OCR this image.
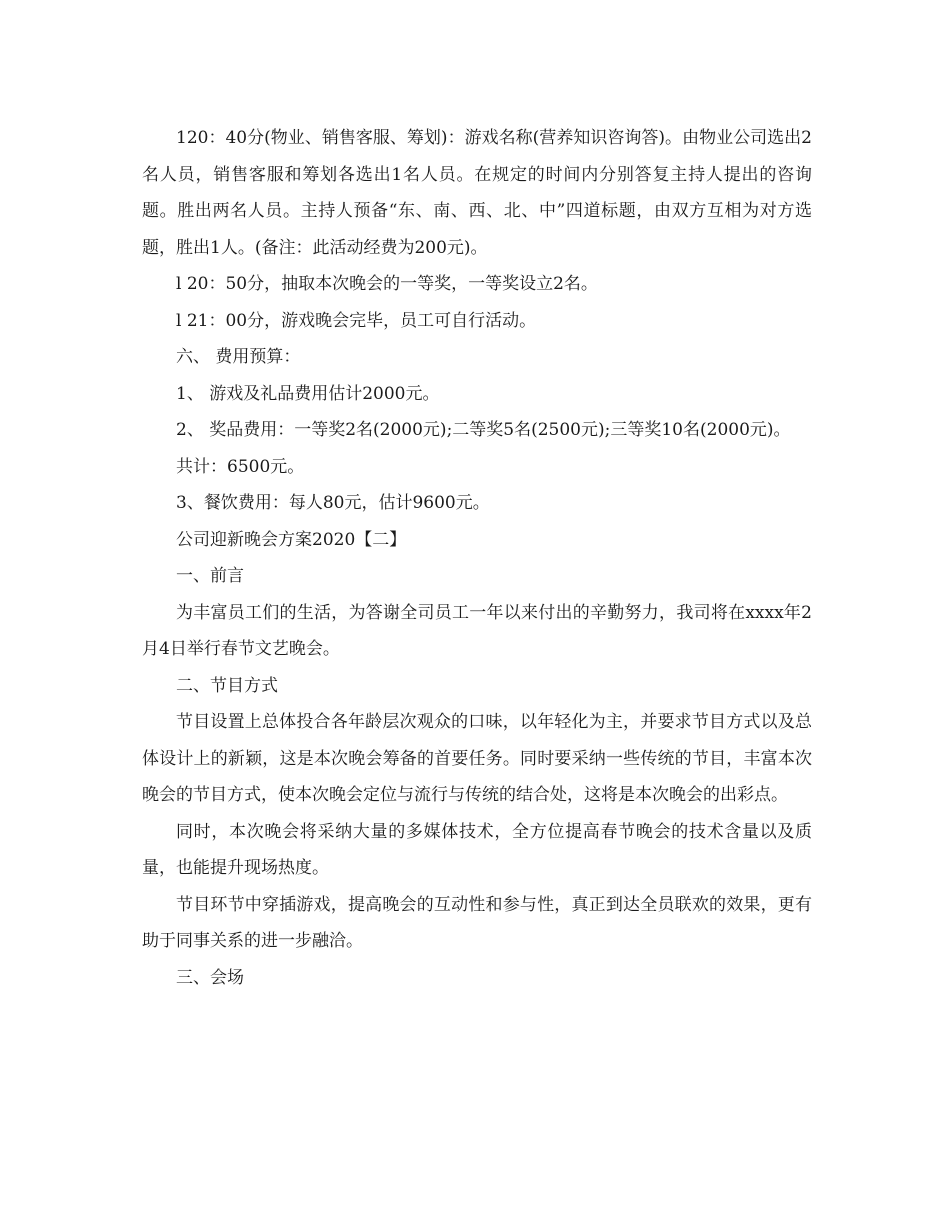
120：40分(物业、销售客服、筹划)：游戏名称(营养知识咨询答)。由物业公司选出2名人员，销售客服和筹划各选出1名人员。在规定的时间内分别答复主持人提出的咨询题。胜出两名人员。主持人预备“东、南、西、北、中”四道标题，由双方互相为对方选题，胜出1人。(备注：此活动经费为200元)。

l 20：50分，抽取本次晚会的一等奖，一等奖设立2名。

l 21：00分，游戏晚会完毕，员工可自行活动。

六、 费用预算：

1、 游戏及礼品费用估计2000元。

2、 奖品费用：一等奖2名(2000元);二等奖5名(2500元);三等奖10名(2000元)。

共计：6500元。

3、餐饮费用：每人80元，估计9600元。

公司迎新晚会方案2020【二】

一、前言

为丰富员工们的生活，为答谢全司员工一年以来付出的辛勤努力，我司将在xxxx年2月4日举行春节文艺晚会。

二、节目方式

节目设置上总体投合各年龄层次观众的口味，以年轻化为主，并要求节目方式以及总体设计上的新颖，这是本次晚会筹备的首要任务。同时要采纳一些传统的节目，丰富本次晚会的节目方式，使本次晚会定位与流行与传统的结合处，这将是本次晚会的出彩点。

同时，本次晚会将采纳大量的多媒体技术，全方位提高春节晚会的技术含量以及质量，也能提升现场热度。

节目环节中穿插游戏，提高晚会的互动性和参与性，真正到达全员联欢的效果，更有助于同事关系的进一步融洽。

三、会场
